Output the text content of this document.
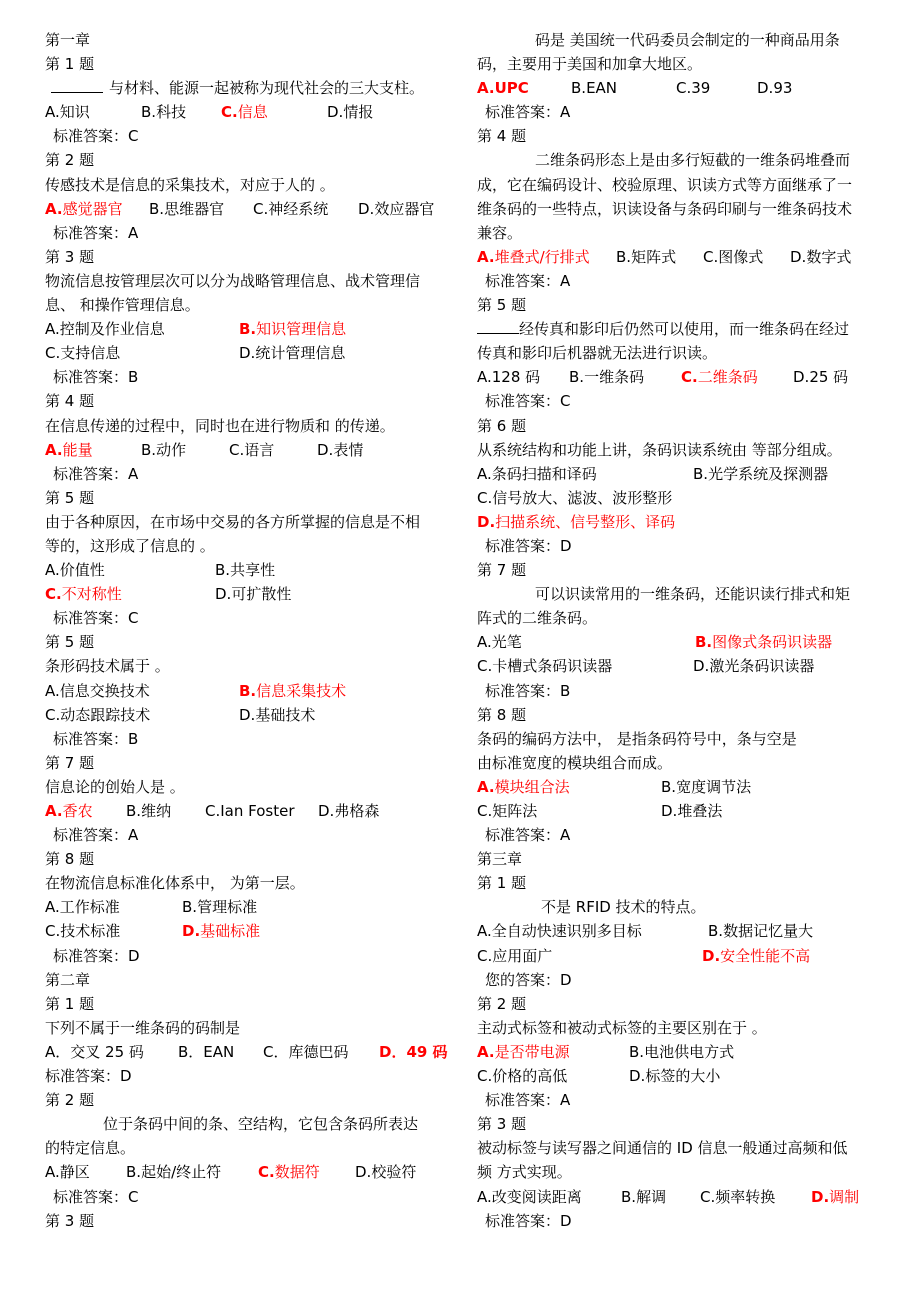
第一章
第 1 题
与材料、能源一起被称为现代社会的三大支柱。
A.知识	B.科技 C.信息	D.情报
标准答案：C
第 2 题
传感技术是信息的采集技术，对应于人的 。
A.感觉器官 B.思维器官 C.神经系统 D.效应器官
标准答案：A
第 3 题
物流信息按管理层次可以分为战略管理信息、战术管理信
息、 和操作管理信息。
A.控制及作业信息	B.知识管理信息
C.支持信息	D.统计管理信息
标准答案：B
第 4 题
在信息传递的过程中，同时也在进行物质和 的传递。
A.能量	B.动作	C.语言	D.表情
标准答案：A
第 5 题
由于各种原因，在市场中交易的各方所掌握的信息是不相
等的，这形成了信息的 。
A.价值性	B.共享性
C.不对称性	D.可扩散性
标准答案：C
第 5 题
条形码技术属于 。
A.信息交换技术	B.信息采集技术
C.动态跟踪技术	D.基础技术
标准答案：B
第 7 题
信息论的创始人是 。
A.香农 B.维纳 C.Ian Foster D.弗格森
标准答案：A
第 8 题
在物流信息标准化体系中， 为第一层。
A.工作标准	B.管理标准
C.技术标准	D.基础标准
标准答案：D
第二章
第 1 题
下列不属于一维条码的码制是
A．交叉 25 码 B．EAN C．库德巴码 D．49 码
标准答案：D
第 2 题
位于条码中间的条、空结构，它包含条码所表达
的特定信息。
A.静区 B.起始/终止符 C.数据符 D.校验符
标准答案：C
第 3 题
码是 美国统一代码委员会制定的一种商品用条
码，主要用于美国和加拿大地区。
A.UPC	B.EAN	C.39	D.93
标准答案：A
第 4 题
二维条码形态上是由多行短截的一维条码堆叠而
成，它在编码设计、校验原理、识读方式等方面继承了一
维条码的一些特点，识读设备与条码印刷与一维条码技术
兼容。
A.堆叠式/行排式 B.矩阵式 C.图像式 D.数字式
标准答案：A
第 5 题
经传真和影印后仍然可以使用，而一维条码在经过
传真和影印后机器就无法进行识读。
A.128 码 B.一维条码 C.二维条码 D.25 码
标准答案：C
第 6 题
从系统结构和功能上讲，条码识读系统由 等部分组成。
A.条码扫描和译码	B.光学系统及探测器
C.信号放大、滤波、波形整形
D.扫描系统、信号整形、译码
标准答案：D
第 7 题
可以识读常用的一维条码，还能识读行排式和矩
阵式的二维条码。
A.光笔	B.图像式条码识读器
C.卡槽式条码识读器	D.激光条码识读器
标准答案：B
第 8 题
条码的编码方法中， 是指条码符号中，条与空是
由标准宽度的模块组合而成。
A.模块组合法	B.宽度调节法
C.矩阵法	D.堆叠法
标准答案：A
第三章
第 1 题
不是 RFID 技术的特点。
A.全自动快速识别多目标	B.数据记忆量大
C.应用面广	D.安全性能不高
您的答案：D
第 2 题
主动式标签和被动式标签的主要区别在于 。
A.是否带电源	B.电池供电方式
C.价格的高低	D.标签的大小
标准答案：A
第 3 题
被动标签与读写器之间通信的 ID 信息一般通过高频和低
频 方式实现。
A.改变阅读距离	B.解调 C.频率转换 D.调制
标准答案：D
